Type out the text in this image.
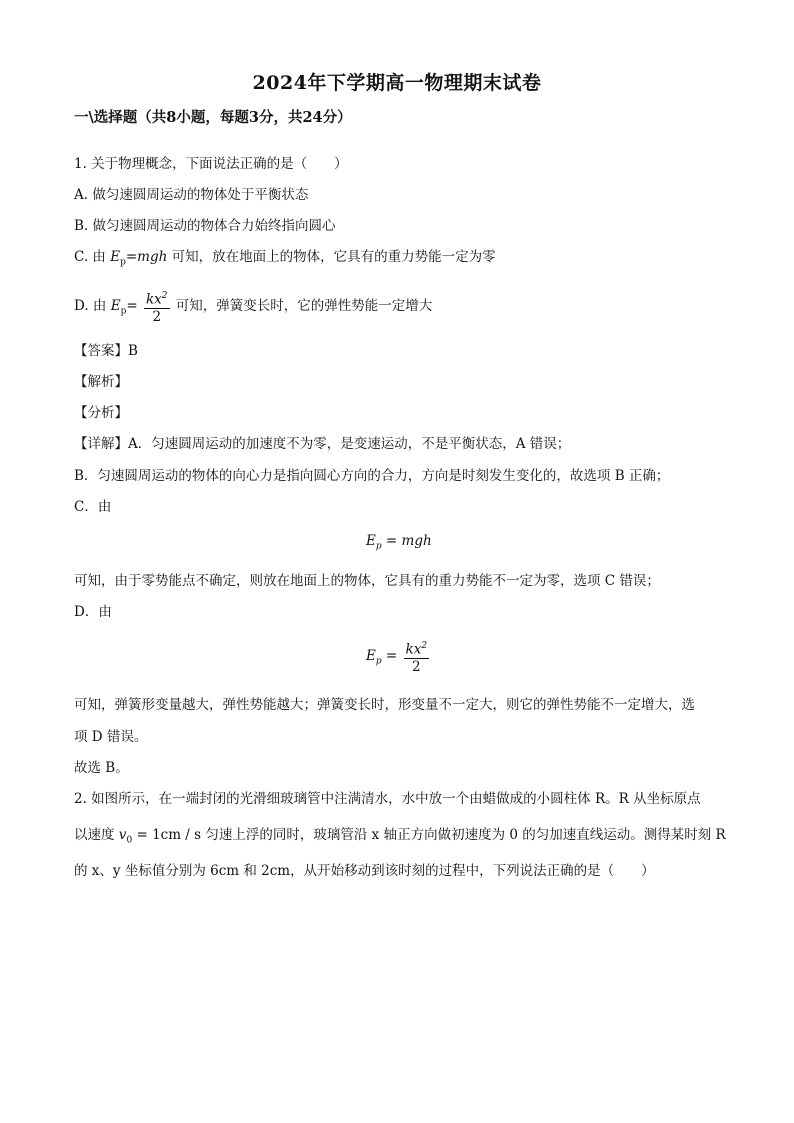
2024年下学期高一物理期末试卷
一\选择题（共8小题，每题3分，共24分）
1. 关于物理概念，下面说法正确的是（　　）
A. 做匀速圆周运动的物体处于平衡状态
B. 做匀速圆周运动的物体合力始终指向圆心
C. 由 $E_p=mgh$ 可知，放在地面上的物体，它具有的重力势能一定为零
D. 由 $E_p= \frac{kx^2}{2}$ 可知，弹簧变长时，它的弹性势能一定增大
【答案】B
【解析】
【分析】
【详解】A．匀速圆周运动的加速度不为零，是变速运动，不是平衡状态，A 错误；
B．匀速圆周运动的物体的向心力是指向圆心方向的合力，方向是时刻发生变化的，故选项 B 正确；
C．由
$E_p$ = mgh
可知，由于零势能点不确定，则放在地面上的物体，它具有的重力势能不一定为零，选项 C 错误；
D．由
$E_p = \frac{kx^2}{2}$
可知，弹簧形变量越大，弹性势能越大；弹簧变长时，形变量不一定大，则它的弹性势能不一定增大，选
项 D 错误。
故选 B。
2. 如图所示，在一端封闭的光滑细玻璃管中注满清水，水中放一个由蜡做成的小圆柱体 R。R 从坐标原点
以速度 $v_0 = 1cm / s$ 匀速上浮的同时，玻璃管沿 x 轴正方向做初速度为 0 的匀加速直线运动。测得某时刻 R
的 x、y 坐标值分别为 6cm 和 2cm，从开始移动到该时刻的过程中，下列说法正确的是（　　）
